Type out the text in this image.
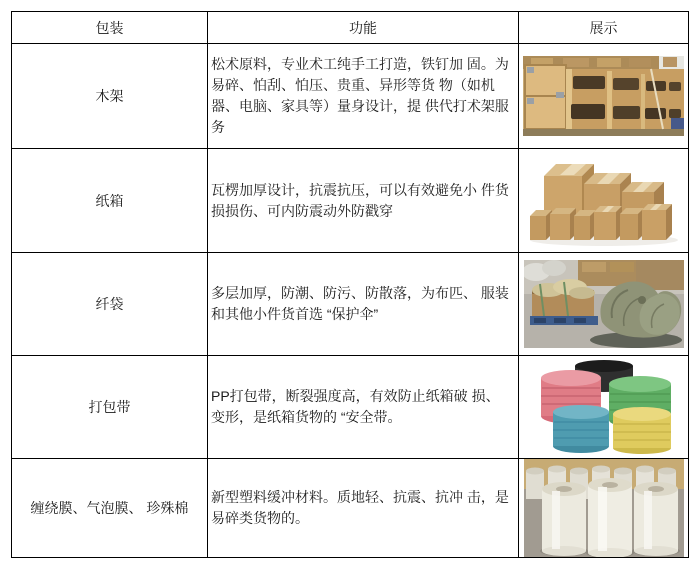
包装	功能	展示
木架
松术原料，专业术工纯手工打造，铁钉加 固。为易碎、怕刮、怕压、贵重、异形等货 物（如机器、电脑、家具等）量身设计，提 供代打术架服务
纸箱
瓦楞加厚设计，抗震抗压，可以有效避免小 件货损损伤、可内防震动外防戳穿
纤袋
多层加厚，防潮、防污、防散落，为布匹、 服装和其他小件货首选 “保护伞”
打包带
PP打包带，断裂强度高，有效防止纸箱破 损、变形，是纸箱货物的 “安全带。
缠绕膜、气泡膜、 珍殊棉
新型塑料缓冲材料。质地轻、抗震、抗冲 击，是易碎类货物的。
